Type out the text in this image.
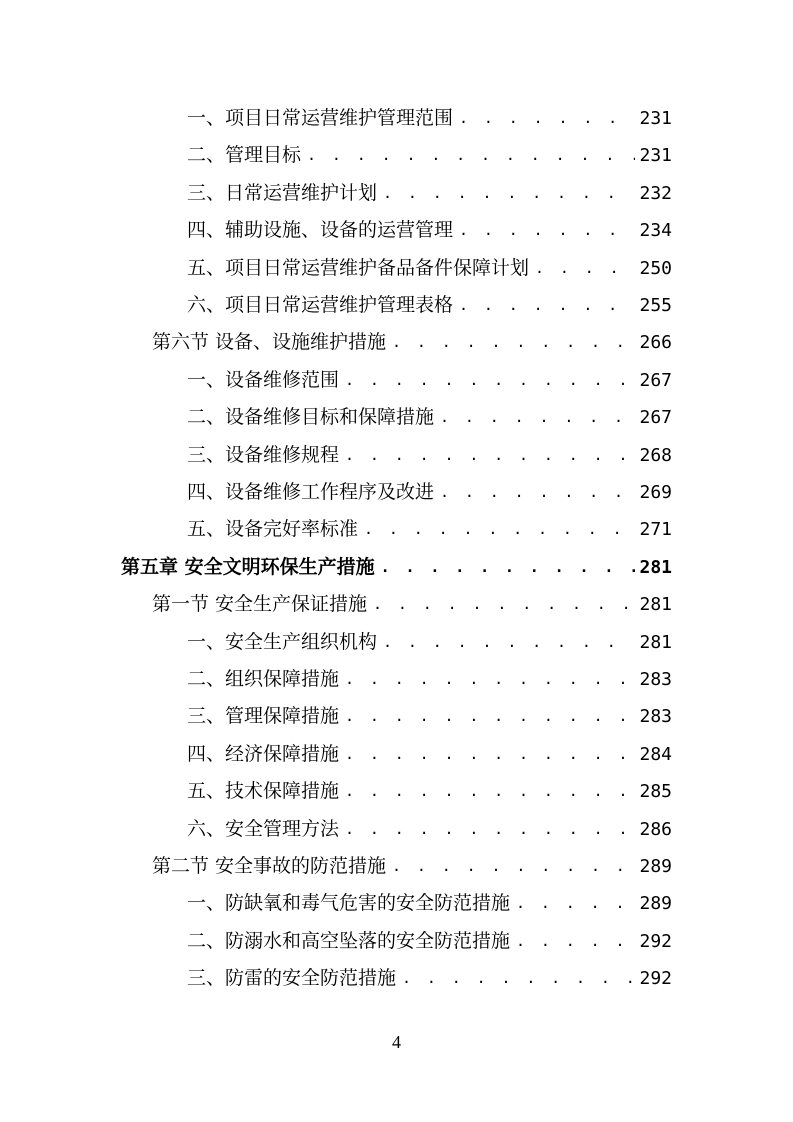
一、项目日常运营维护管理范围 . . .	231
二、管理目标 . . .	231
三、日常运营维护计划 . . .	232
四、辅助设施、设备的运营管理 . . .	234
五、项目日常运营维护备品备件保障计划 . . .	250
六、项目日常运营维护管理表格 . . .	255
第六节 设备、设施维护措施 . . .	266
一、设备维修范围 . . .	267
二、设备维修目标和保障措施 . . .	267
三、设备维修规程 . . .	268
四、设备维修工作程序及改进 . . .	269
五、设备完好率标准 . . .	271
第五章 安全文明环保生产措施 . . .	281
第一节 安全生产保证措施 . . .	281
一、安全生产组织机构 . . .	281
二、组织保障措施 . . .	283
三、管理保障措施 . . .	283
四、经济保障措施 . . .	284
五、技术保障措施 . . .	285
六、安全管理方法 . . .	286
第二节 安全事故的防范措施 . . .	289
一、防缺氧和毒气危害的安全防范措施 . . .	289
二、防溺水和高空坠落的安全防范措施 . . .	292
三、防雷的安全防范措施 . . .	292
4
